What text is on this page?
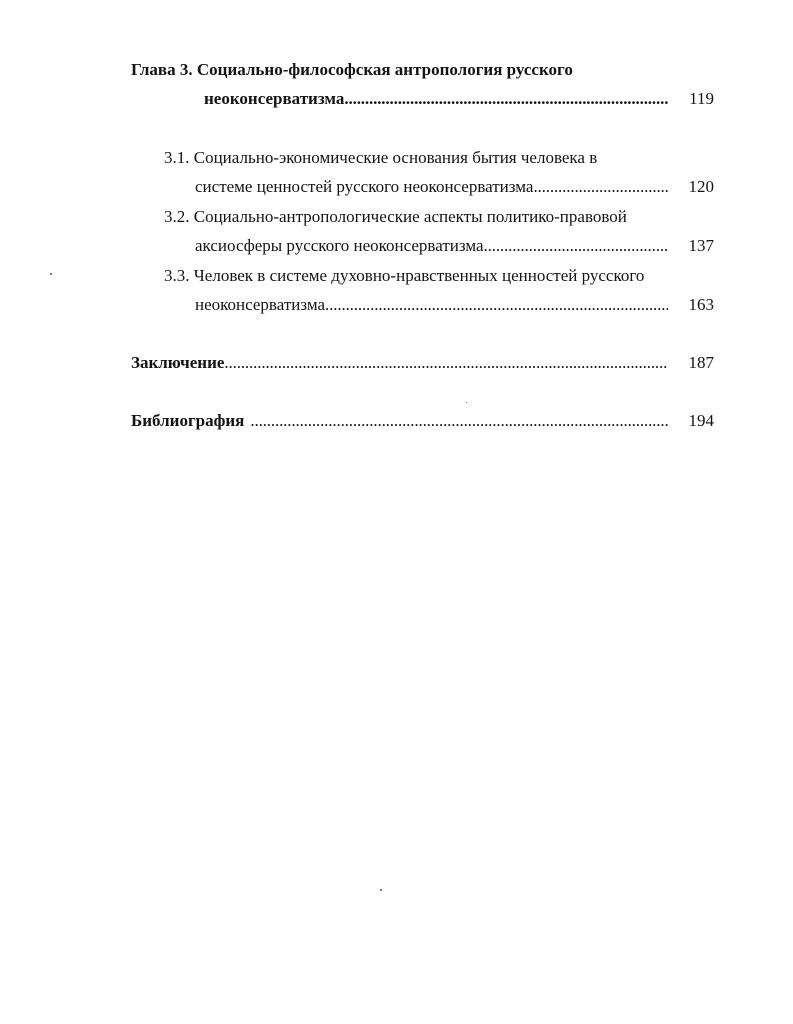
Глава 3. Социально-философская антропология русского
неоконсерватизма . . .	119
3.1. Социально-экономические основания бытия человека в
системе ценностей русского неоконсерватизма . . .	120
3.2. Социально-антропологические аспекты политико-правовой
аксиосферы русского неоконсерватизма . . .	137
3.3. Человек в системе духовно-нравственных ценностей русского
неоконсерватизма . . .	163
Заключение . . .	187
Библиография . . .	194
